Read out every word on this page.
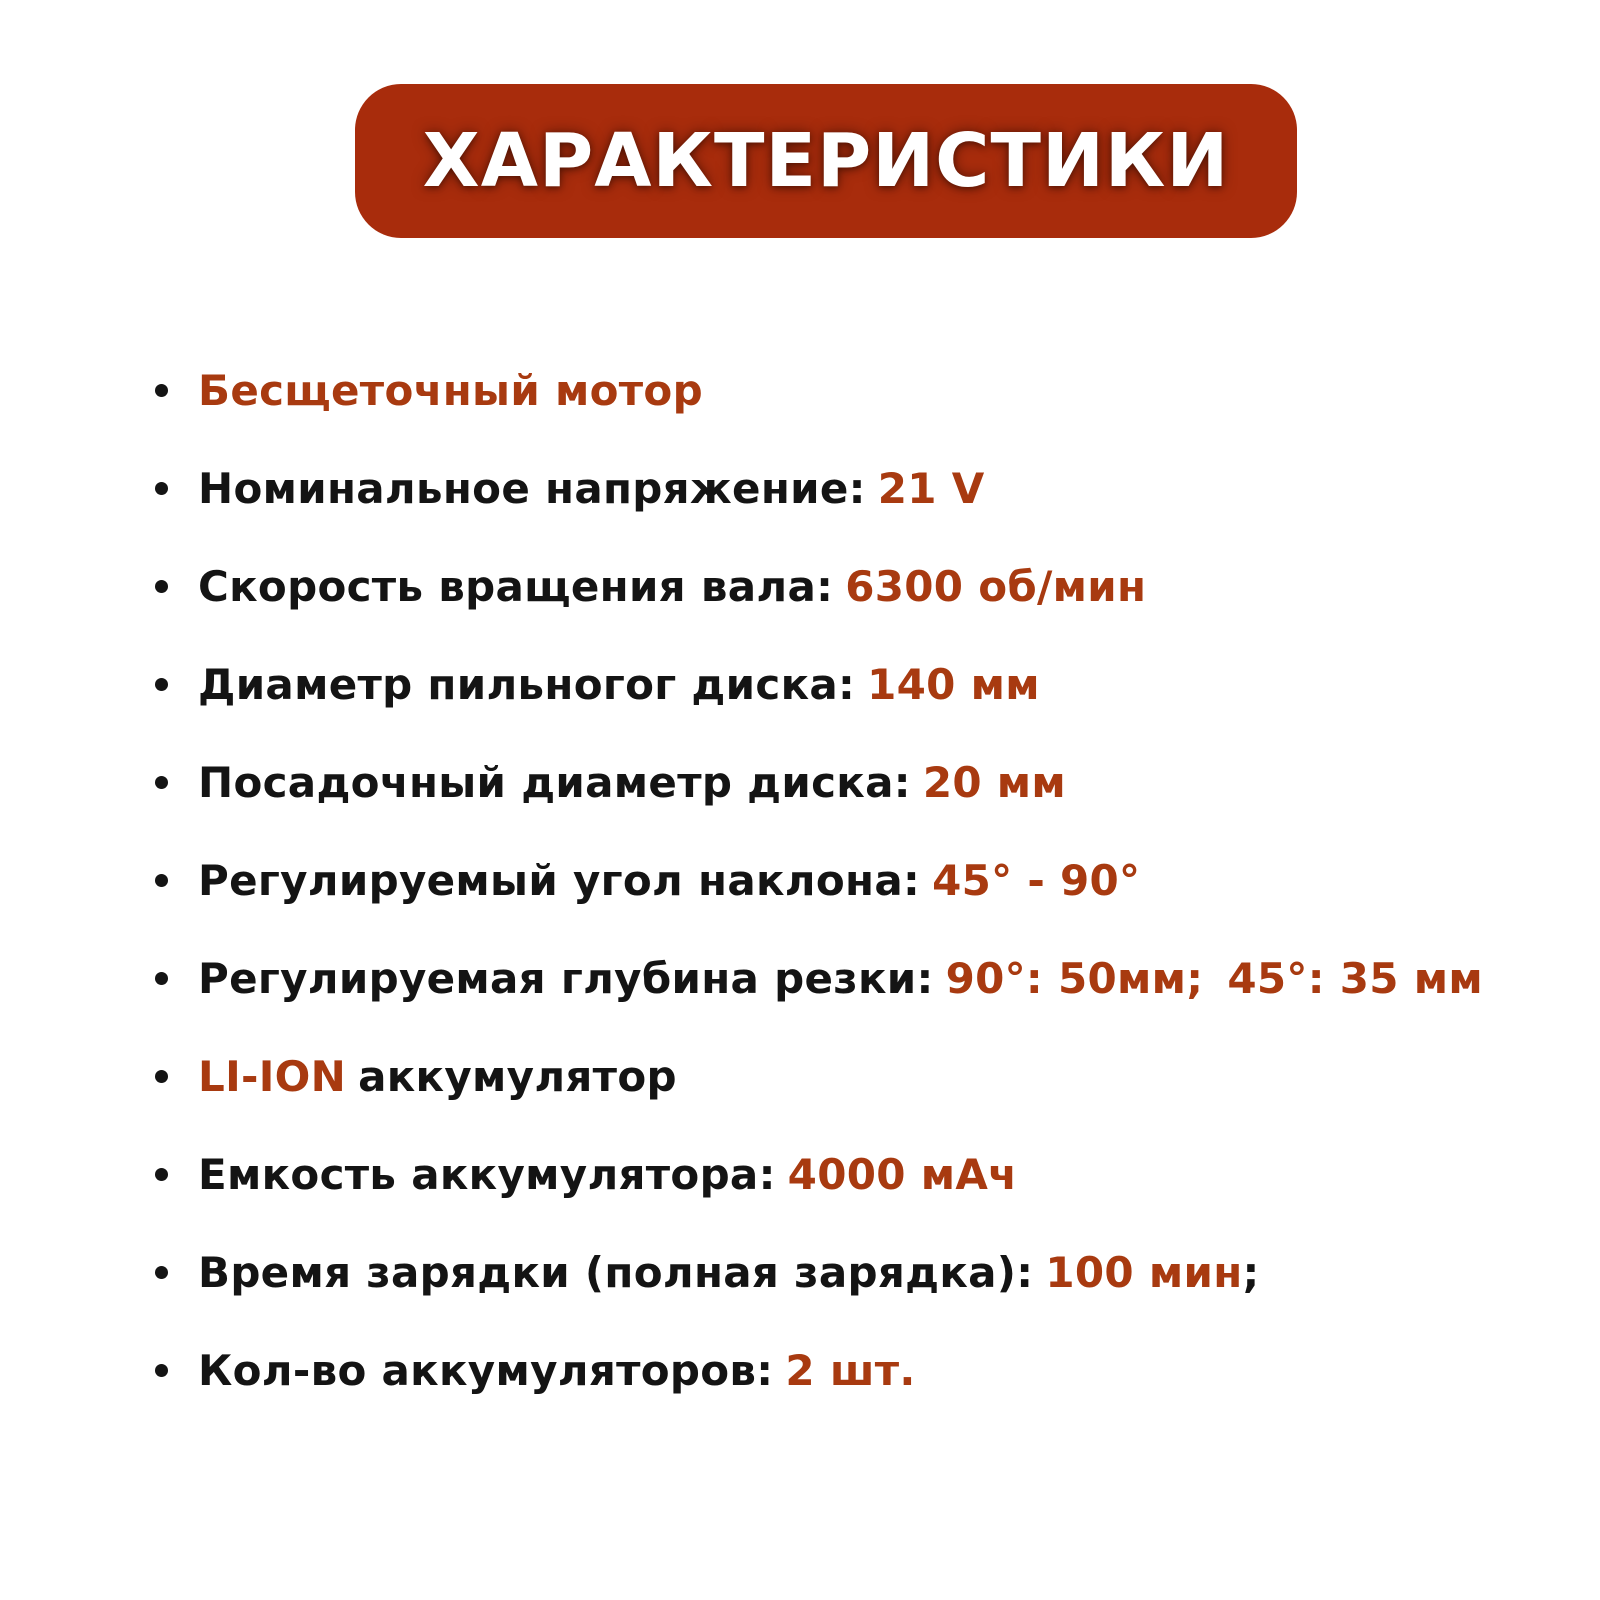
ХАРАКТЕРИСТИКИ
Бесщеточный мотор
Номинальное напряжение: 21 V
Скорость вращения вала: 6300 об/мин
Диаметр пильногог диска: 140 мм
Посадочный диаметр диска: 20 мм
Регулируемый угол наклона: 45° - 90°
Регулируемая глубина резки: 90°: 50мм; 45°: 35 мм
LI-ION аккумулятор
Емкость аккумулятора: 4000 мАч
Время зарядки (полная зарядка): 100 мин ;
Кол-во аккумуляторов: 2 шт.
